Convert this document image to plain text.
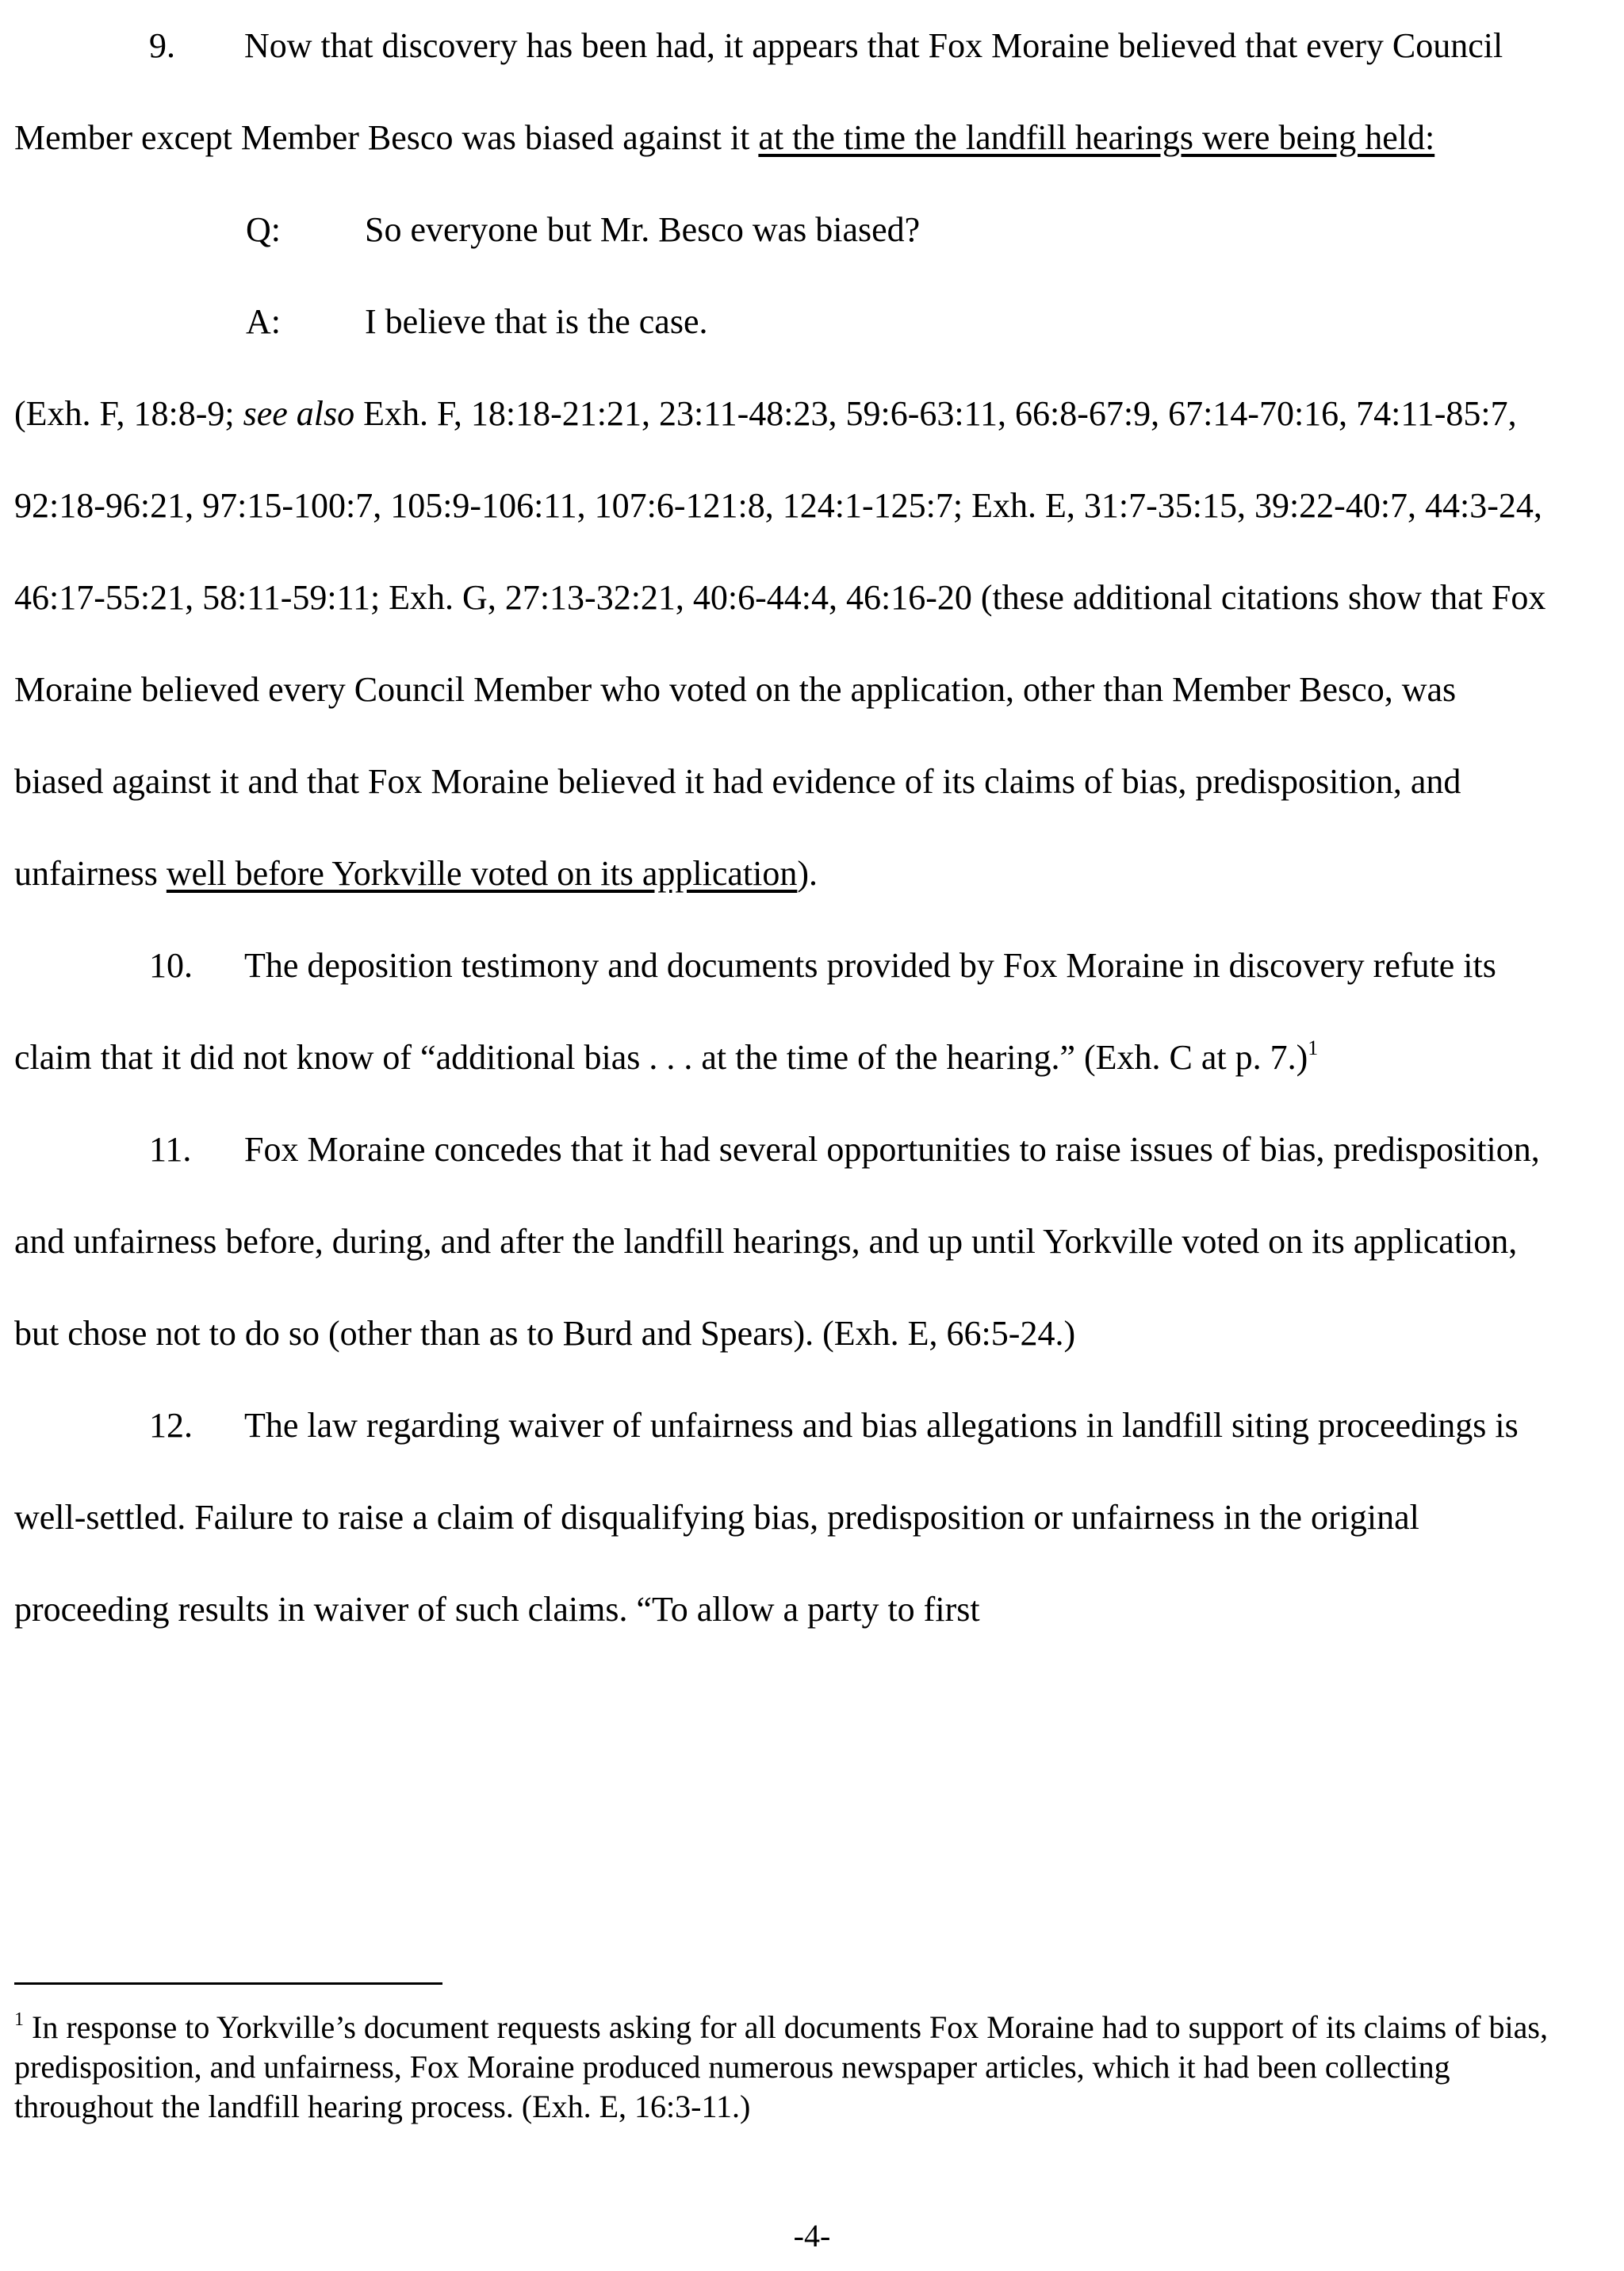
9. Now that discovery has been had, it appears that Fox Moraine believed that every Council Member except Member Besco was biased against it at the time the landfill hearings were being held:

Q: So everyone but Mr. Besco was biased?

A: I believe that is the case.

(Exh. F, 18:8-9; see also Exh. F, 18:18-21:21, 23:11-48:23, 59:6-63:11, 66:8-67:9, 67:14-70:16, 74:11-85:7, 92:18-96:21, 97:15-100:7, 105:9-106:11, 107:6-121:8, 124:1-125:7; Exh. E, 31:7-35:15, 39:22-40:7, 44:3-24, 46:17-55:21, 58:11-59:11; Exh. G, 27:13-32:21, 40:6-44:4, 46:16-20 (these additional citations show that Fox Moraine believed every Council Member who voted on the application, other than Member Besco, was biased against it and that Fox Moraine believed it had evidence of its claims of bias, predisposition, and unfairness well before Yorkville voted on its application).

10. The deposition testimony and documents provided by Fox Moraine in discovery refute its claim that it did not know of “additional bias . . . at the time of the hearing.” (Exh. C at p. 7.)$^1$

11. Fox Moraine concedes that it had several opportunities to raise issues of bias, predisposition, and unfairness before, during, and after the landfill hearings, and up until Yorkville voted on its application, but chose not to do so (other than as to Burd and Spears). (Exh. E, 66:5-24.)

12. The law regarding waiver of unfairness and bias allegations in landfill siting proceedings is well-settled. Failure to raise a claim of disqualifying bias, predisposition or unfairness in the original proceeding results in waiver of such claims. “To allow a party to first

$^1$ In response to Yorkville’s document requests asking for all documents Fox Moraine had to support of its claims of bias, predisposition, and unfairness, Fox Moraine produced numerous newspaper articles, which it had been collecting throughout the landfill hearing process. (Exh. E, 16:3-11.)

-4-
